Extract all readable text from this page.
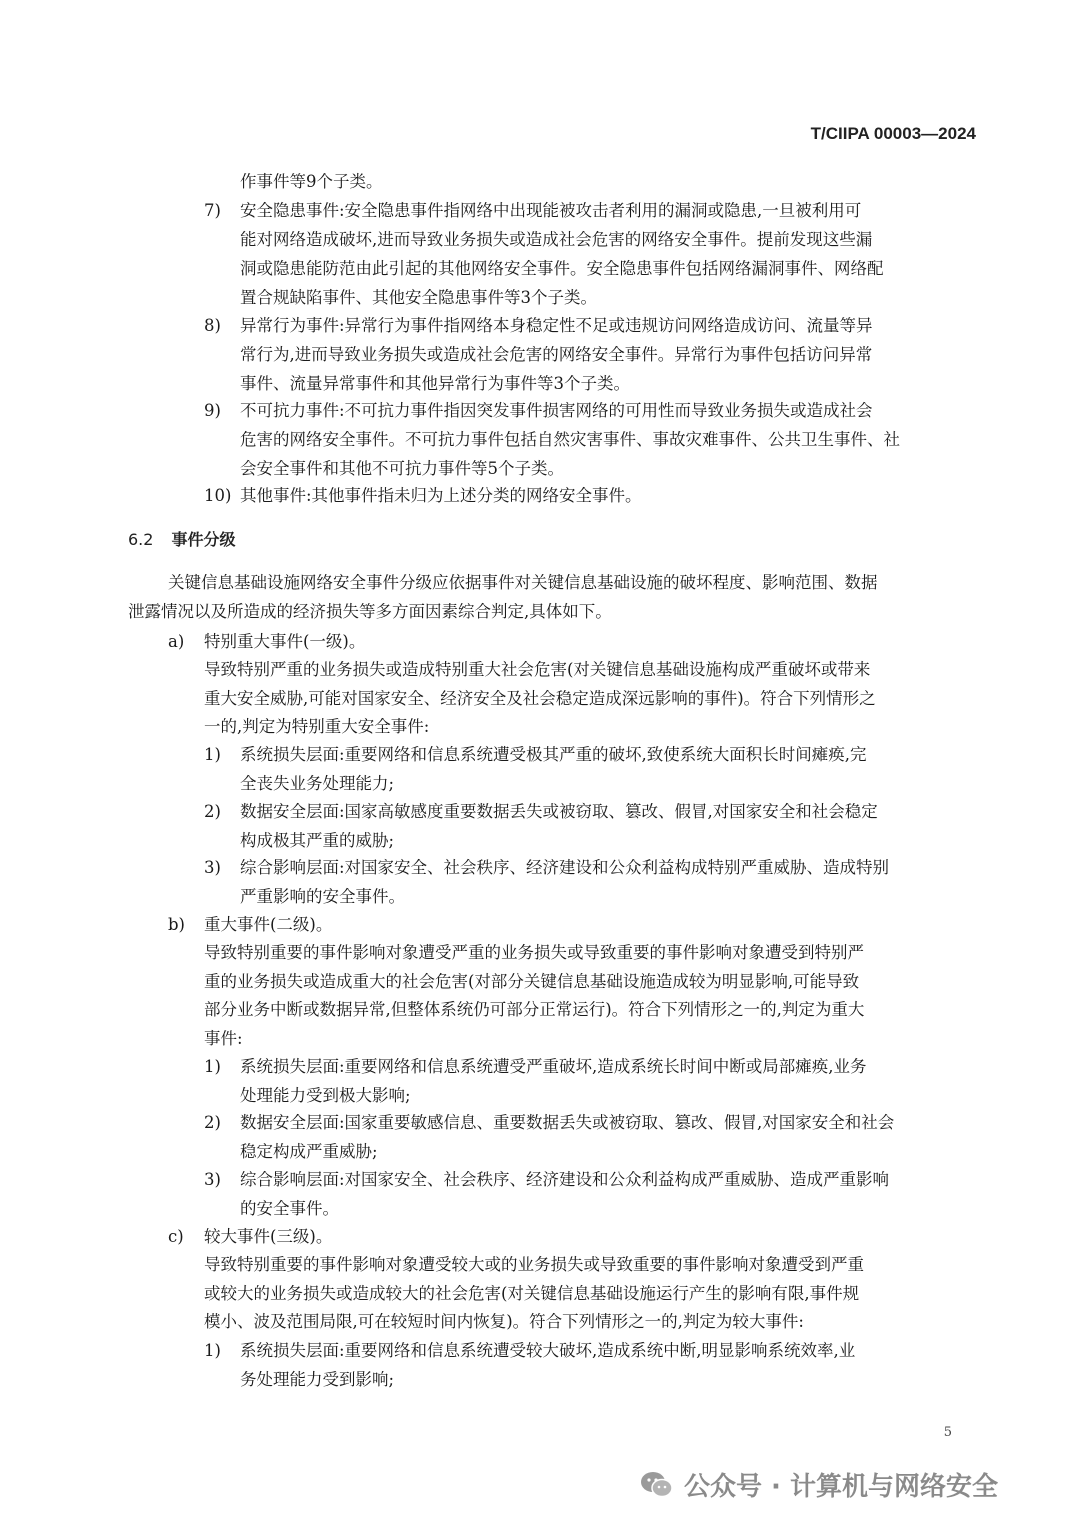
T/CIIPA 00003—2024
作事件等9个子类。
7) 安全隐患事件:安全隐患事件指网络中出现能被攻击者利用的漏洞或隐患,一旦被利用可
能对网络造成破坏,进而导致业务损失或造成社会危害的网络安全事件。提前发现这些漏
洞或隐患能防范由此引起的其他网络安全事件。安全隐患事件包括网络漏洞事件、网络配
置合规缺陷事件、其他安全隐患事件等3个子类。
8) 异常行为事件:异常行为事件指网络本身稳定性不足或违规访问网络造成访问、流量等异
常行为,进而导致业务损失或造成社会危害的网络安全事件。异常行为事件包括访问异常
事件、流量异常事件和其他异常行为事件等3个子类。
9) 不可抗力事件:不可抗力事件指因突发事件损害网络的可用性而导致业务损失或造成社会
危害的网络安全事件。不可抗力事件包括自然灾害事件、事故灾难事件、公共卫生事件、社
会安全事件和其他不可抗力事件等5个子类。
10) 其他事件:其他事件指未归为上述分类的网络安全事件。
6.2 事件分级
关键信息基础设施网络安全事件分级应依据事件对关键信息基础设施的破坏程度、影响范围、数据
泄露情况以及所造成的经济损失等多方面因素综合判定,具体如下。
a) 特别重大事件(一级)。
导致特别严重的业务损失或造成特别重大社会危害(对关键信息基础设施构成严重破坏或带来
重大安全威胁,可能对国家安全、经济安全及社会稳定造成深远影响的事件)。符合下列情形之
一的,判定为特别重大安全事件:
1) 系统损失层面:重要网络和信息系统遭受极其严重的破坏,致使系统大面积长时间瘫痪,完
全丧失业务处理能力;
2) 数据安全层面:国家高敏感度重要数据丢失或被窃取、篡改、假冒,对国家安全和社会稳定
构成极其严重的威胁;
3) 综合影响层面:对国家安全、社会秩序、经济建设和公众利益构成特别严重威胁、造成特别
严重影响的安全事件。
b) 重大事件(二级)。
导致特别重要的事件影响对象遭受严重的业务损失或导致重要的事件影响对象遭受到特别严
重的业务损失或造成重大的社会危害(对部分关键信息基础设施造成较为明显影响,可能导致
部分业务中断或数据异常,但整体系统仍可部分正常运行)。符合下列情形之一的,判定为重大
事件:
1) 系统损失层面:重要网络和信息系统遭受严重破坏,造成系统长时间中断或局部瘫痪,业务
处理能力受到极大影响;
2) 数据安全层面:国家重要敏感信息、重要数据丢失或被窃取、篡改、假冒,对国家安全和社会
稳定构成严重威胁;
3) 综合影响层面:对国家安全、社会秩序、经济建设和公众利益构成严重威胁、造成严重影响
的安全事件。
c) 较大事件(三级)。
导致特别重要的事件影响对象遭受较大或的业务损失或导致重要的事件影响对象遭受到严重
或较大的业务损失或造成较大的社会危害(对关键信息基础设施运行产生的影响有限,事件规
模小、波及范围局限,可在较短时间内恢复)。符合下列情形之一的,判定为较大事件:
1) 系统损失层面:重要网络和信息系统遭受较大破坏,造成系统中断,明显影响系统效率,业
务处理能力受到影响;
5
公众号 · 计算机与网络安全
